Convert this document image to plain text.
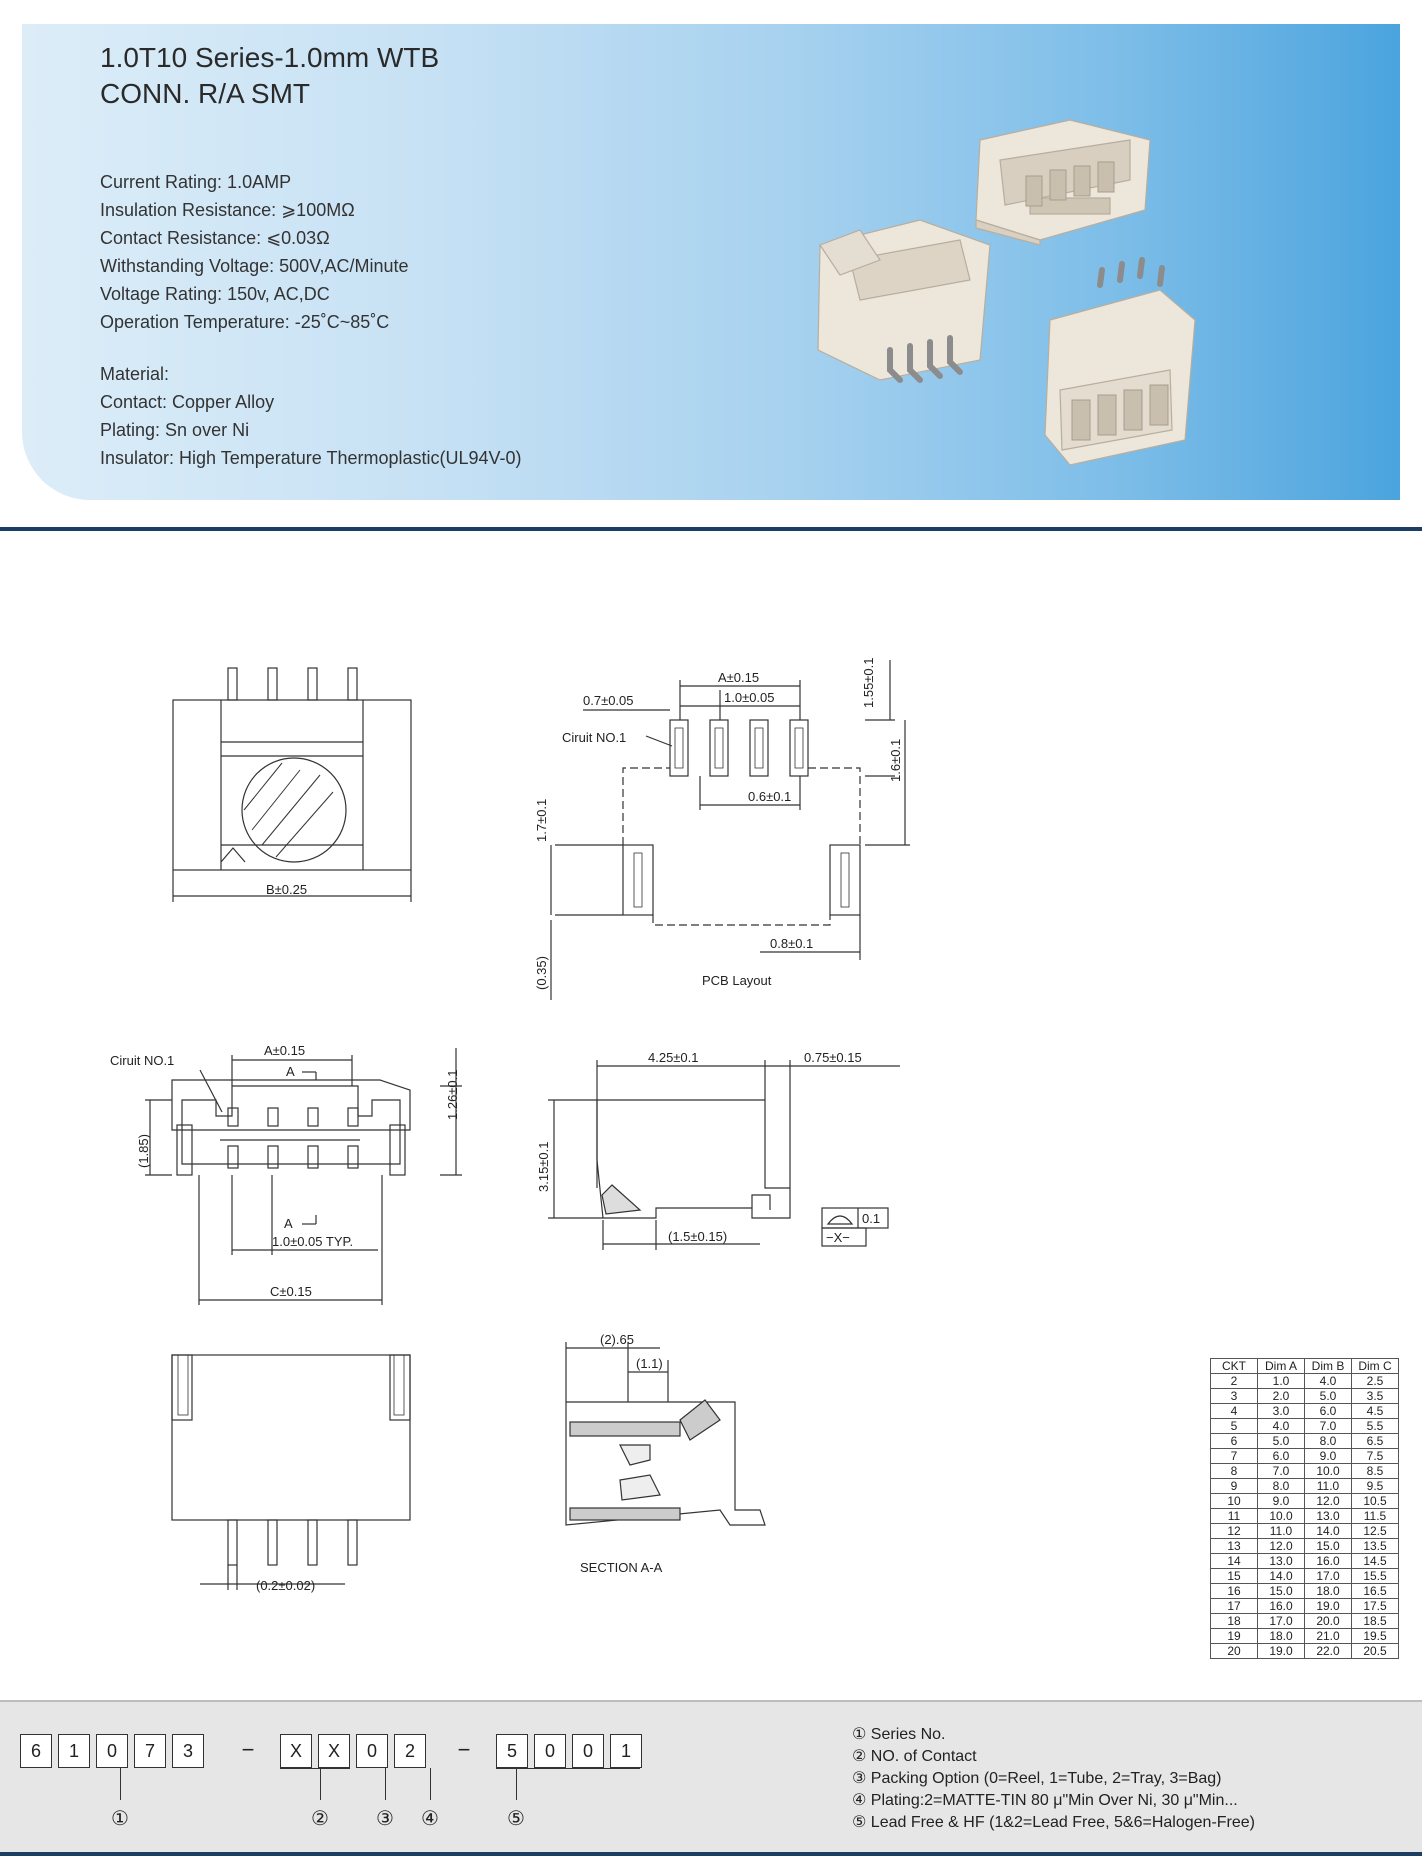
1.0T10 Series-1.0mm WTB
CONN. R/A SMT
Current Rating: 1.0AMP
Insulation Resistance: ⩾100MΩ
Contact Resistance: ⩽0.03Ω
Withstanding Voltage: 500V,AC/Minute
Voltage Rating: 150v, AC,DC
Operation Temperature: -25˚C~85˚C
Material:
Contact: Copper Alloy
Plating: Sn over Ni
Insulator: High Temperature Thermoplastic(UL94V-0)
B±0.25
A±0.15
1.0±0.05
0.7±0.05
Ciruit NO.1
1.55±0.1
1.6±0.1
0.6±0.1
1.7±0.1
0.8±0.1
(0.35)	PCB Layout
Ciruit NO.1
A±0.15
A
A
1.26±0.1
(1.85)
1.0±0.05 TYP.
C±0.15
4.25±0.1	0.75±0.15
3.15±0.1
(1.5±0.15)
0.1
−X−
(0.2±0.02)
(2).65
(1.1)
SECTION A-A
CKT	Dim A	Dim B	Dim C
2	1.0	4.0	2.5
3	2.0	5.0	3.5
4	3.0	6.0	4.5
5	4.0	7.0	5.5
6	5.0	8.0	6.5
7	6.0	9.0	7.5
8	7.0	10.0	8.5
9	8.0	11.0	9.5
10	9.0	12.0	10.5
11	10.0	13.0	11.5
12	11.0	14.0	12.5
13	12.0	15.0	13.5
14	13.0	16.0	14.5
15	14.0	17.0	15.5
16	15.0	18.0	16.5
17	16.0	19.0	17.5
18	17.0	20.0	18.5
19	18.0	21.0	19.5
20	19.0	22.0	20.5
6	1	0	7	3	X	X	0	2	5	0	0	1
−	−
①	②	③	④	⑤
① Series No.
② NO. of Contact
③ Packing Option (0=Reel, 1=Tube, 2=Tray, 3=Bag)
④ Plating:2=MATTE-TIN 80 μ"Min Over Ni, 30 μ"Min...
⑤ Lead Free & HF (1&2=Lead Free, 5&6=Halogen-Free)
